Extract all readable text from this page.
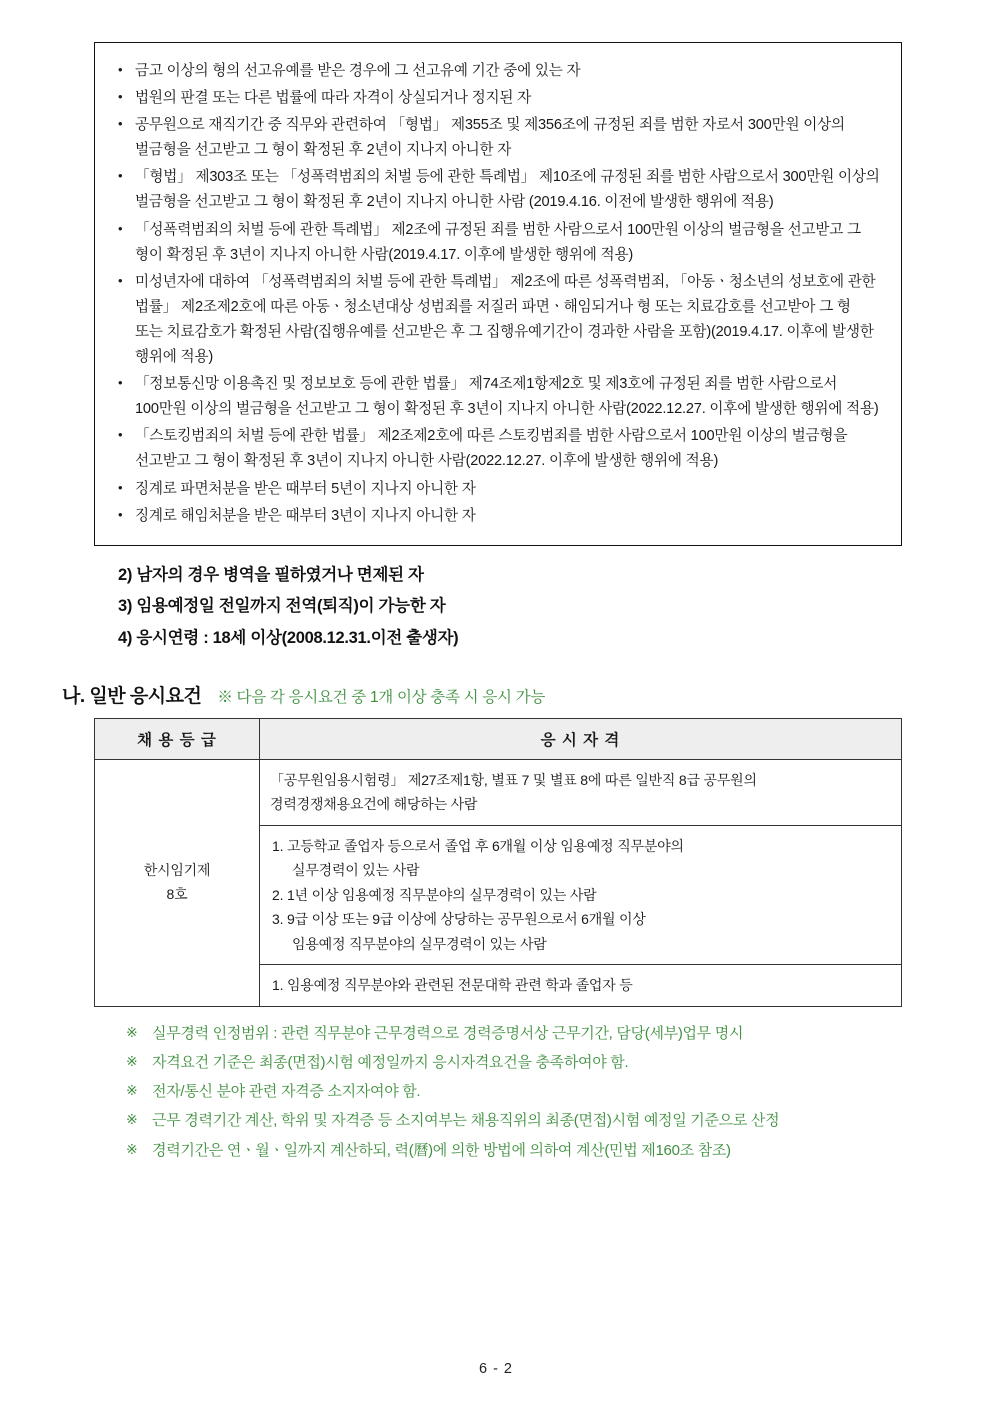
• 금고 이상의 형의 선고유예를 받은 경우에 그 선고유예 기간 중에 있는 자
• 법원의 판결 또는 다른 법률에 따라 자격이 상실되거나 정지된 자
• 공무원으로 재직기간 중 직무와 관련하여 「형법」 제355조 및 제356조에 규정된 죄를 범한 자로서 300만원 이상의 벌금형을 선고받고 그 형이 확정된 후 2년이 지나지 아니한 자
• 「형법」 제303조 또는 「성폭력범죄의 처벌 등에 관한 특례법」 제10조에 규정된 죄를 범한 사람으로서 300만원 이상의 벌금형을 선고받고 그 형이 확정된 후 2년이 지나지 아니한 사람 (2019.4.16. 이전에 발생한 행위에 적용)
• 「성폭력범죄의 처벌 등에 관한 특례법」 제2조에 규정된 죄를 범한 사람으로서 100만원 이상의 벌금형을 선고받고 그 형이 확정된 후 3년이 지나지 아니한 사람(2019.4.17. 이후에 발생한 행위에 적용)
• 미성년자에 대하여 「성폭력범죄의 처벌 등에 관한 특례법」 제2조에 따른 성폭력범죄, 「아동ㆍ청소년의 성보호에 관한 법률」 제2조제2호에 따른 아동ㆍ청소년대상 성범죄를 저질러 파면ㆍ해임되거나 형 또는 치료감호를 선고받아 그 형 또는 치료감호가 확정된 사람(집행유예를 선고받은 후 그 집행유예기간이 경과한 사람을 포함)(2019.4.17. 이후에 발생한 행위에 적용)
• 「정보통신망 이용촉진 및 정보보호 등에 관한 법률」 제74조제1항제2호 및 제3호에 규정된 죄를 범한 사람으로서 100만원 이상의 벌금형을 선고받고 그 형이 확정된 후 3년이 지나지 아니한 사람(2022.12.27. 이후에 발생한 행위에 적용)
• 「스토킹범죄의 처벌 등에 관한 법률」 제2조제2호에 따른 스토킹범죄를 범한 사람으로서 100만원 이상의 벌금형을 선고받고 그 형이 확정된 후 3년이 지나지 아니한 사람(2022.12.27. 이후에 발생한 행위에 적용)
• 징계로 파면처분을 받은 때부터 5년이 지나지 아니한 자
• 징계로 해임처분을 받은 때부터 3년이 지나지 아니한 자
2) 남자의 경우 병역을 필하였거나 면제된 자
3) 임용예정일 전일까지 전역(퇴직)이 가능한 자
4) 응시연령 : 18세 이상(2008.12.31.이전 출생자)
나. 일반 응시요건 ※ 다음 각 응시요건 중 1개 이상 충족 시 응시 가능
채 용 등 급	응 시 자 격
한시임기제
8호	「공무원임용시험령」 제27조제1항, 별표 7 및 별표 8에 따른 일반직 8급 공무원의
경력경쟁채용요건에 해당하는 사람

	1. 고등학교 졸업자 등으로서 졸업 후 6개월 이상 임용예정 직무분야의
실무경력이 있는 사람
2. 1년 이상 임용예정 직무분야의 실무경력이 있는 사람
3. 9급 이상 또는 9급 이상에 상당하는 공무원으로서 6개월 이상
임용예정 직무분야의 실무경력이 있는 사람

	1. 임용예정 직무분야와 관련된 전문대학 관련 학과 졸업자 등
※ 실무경력 인정범위 : 관련 직무분야 근무경력으로 경력증명서상 근무기간, 담당(세부)업무 명시
※ 자격요건 기준은 최종(면접)시험 예정일까지 응시자격요건을 충족하여야 함.
※ 전자/통신 분야 관련 자격증 소지자여야 함.
※ 근무 경력기간 계산, 학위 및 자격증 등 소지여부는 채용직위의 최종(면접)시험 예정일 기준으로 산정
※ 경력기간은 연ㆍ월ㆍ일까지 계산하되, 력(曆)에 의한 방법에 의하여 계산(민법 제160조 참조)
6 - 2
